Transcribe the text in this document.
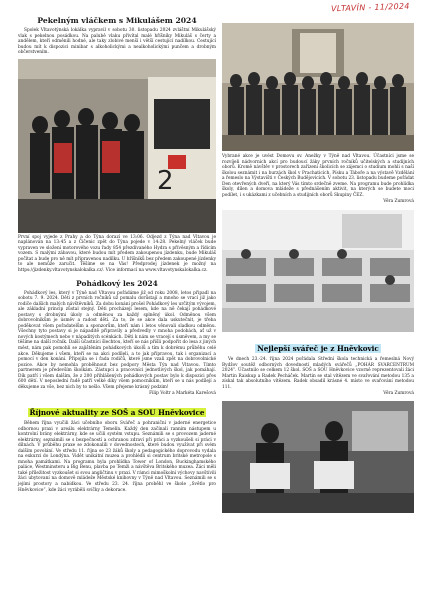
VLTAVÍN - 11/2024
Pekelným vláčkem s Mikulášem 2024

Spolek Vltavotýnská lokálka vypravil v sobotu 30. listopadu 2024 zvláštní Mikulášský vlak s pekelnou posádkou. Na palubě vlaku přivítal malé hříšníky Mikuláš s čerty a andělem, kteří odměnili hodné, ale taky zlobivé menší i větší cestující nadílkou. Cestující budou mít k dispozici minibar s alkoholickými a nealkoholickými punčem a drobným občerstvením.

2

První spoj vyjede z Prahy a do Týna dorazí ve 13:06. Odjezd z Týna nad Vltavou je naplánován na 13:45 a z Číčenic zpět do Týna pojede v 14:28. Pekelný vláček bude vypraven ve složení motorového vozu řady 854 přezdívaného Hydra s přívěsným a řídicím vozem. S malými zábavou, které budou mít předem zakoupenou jízdenku, bude Mikuláš počítat a bude pro ně mít připravenou nadílku. U hříšníků bez předem zakoupené jízdenky to ale nemůže zaručit. Těšíme se na Vás! Předprodej jízdenek je možný na https://jizdenky.vltavotynskalokalka.cz/. Více informací na www.vltavotynskalokalka.cz.

Pohádkový les 2024

Pohádkový les, který v Týně nad Vltavou pořádáme již od roku 2008, letos připadl na sobotu 7. 9. 2024. Děti z prvních ročníků už pomalu dorůstají a mnoho se vrací již jako rodiče dalších malých návštěvníků. Za dobu konání prošel Pohádkový les určitým vývojem, ale základní princip zůstal stejný. Děti procházejí lesem, kde na ně čekají pohádkové postavy s drobnými úkoly a odměnou za každý splněný úkol. Odměnou všem dobrovolníkům je úsměv a radost dětí. Za to, že se akce dala uskutečnit, je třeba poděkovat všem pořadatelům a sponzorům, kteří nám i letos věnovali sladkou odměnu. Všechny tyto postavy si je nápaditě připravily a předvedly v mnoha podobách, ať už v nových kostýmech nebo v nápaditých scénkách. Děti k nám se vracejí s úsměvem, a my se těšíme na další ročník. Další účastníci šlechtou, kteří se nás přišli podpořit do lesa z jiných měst, nám pak pomohli se zajištěním pohádkových úkolů a tím k dobrému průběhu celé akce. Děkujeme i všem, kteří se na akci podíleli, a to jak přípravou, tak i organizací a pomocí v den konání. Připojila se i řada rodičů, které jsme vzali zpět na dobrovolnické pozice. Akce by nemohla proběhnout bez podpory Města Týn nad Vltavou. Tímto partnerem je především školkám. Zástupci a pracovníci jednotlivých škol, jak pomáhají. Dík patří i všem dalším, že z 200 přihlášených pohádkových postav bylo k dispozici přes 600 dětí. V neposlední řadě patří velké díky všem pomocníkům, kteří se u nás podílejí a děkujeme za vše, bez nich by to nešlo. Všem přejeme krásný podzim!

Filip Voltr a Markéta Karešová

Říjnové aktuality ze SOŠ a SOU Hněvkovice

Během října vyučili žáci učebního oboru Svářeč a pohraniční v jaderné energetice odbornou praxi v areálu elektrárny Temelín. Každý den začínali ranním nástupem u kontrolní brány elektrárny, kde se učili systém vstupu. Seznámili se s provozem jaderné elektrárny, seznámili se s bezpečností a ochranou zdraví při práci a vyzkoušeli si práci v dílnách. V průběhu praxe se zdokonalili v dovednostech, které budou využívat při svém dalším povolání. Ve středu 11. října se 23 žáků školy a pedagogického doprovodu vydala na exkurzi do Londýna. Vidět unikátní muzea a prohlédli si centrum britské metropole s mnoha památkami. Na programu byla prohlídka Tower of London, Buckinghamského paláce, Westminsteru a Big Benu, plavba po Temži a návštěva Britského muzea. Žáci měli také příležitost vyzkoušet si svou angličtinu v praxi. V rámci mimoškolní výchovy navštívili žáci ubytovaní na domově mládeže Městské knihovny v Týně nad Vltavou. Seznámili se s jejími prostory a nabídkou. Ve středu 23. 24. října proběhl ve škole „Světlo pro Hněvkovice“, kde žáci vyráběli svíčky a dekorace.

Vybrané akce je uvést Domovu sv. Anežky v Týně nad Vltavou. Účastníci jsme se rozvíjeli nádvorních akcí pro budoucí žáky prvních ročníků učitelských a studijních oborů. Kromě návštěv v prostorech zařízení školicích se zájemci o studium mohli s naší školou seznámit i na burzách škol v Prachaticích, Písku a Táboře a na výstavě Vzdělání a řemeslo na Výstavišti v Českých Budějovicích. V sobotu 23. listopadu budeme pořádat Den otevřených dveří, na který Vás tímto srdečně zveme. Na programu bude prohlídka školy, dílen a domova mládeže s přednášením aktivit, na kterých se budete moci podílet, i s ukázkami z učebních a studijních oborů Skupiny ČEZ.

Věra Zumrová

Nejlepší svářeč je z Hněvkovic

Ve dnech 23.-24. října 2024 pořádala Střední škola technická a řemeslná Nový Bydžov soutěž odborných dovedností mladých svářečů „POHÁR SVARCENTRUM 2024“. Účastnilo se celkem 12 škol. SOŠ a SOU Hněvkovice vzorně reprezentovali žáci Martin Raiskup a Radek Pecháček. Martin se stal vítězem ve svařování metodou 135 a získal tak absolutního vítězem. Radek obsadil krásné 4. místo ve svařování metodou 111.

Věra Zumrová
